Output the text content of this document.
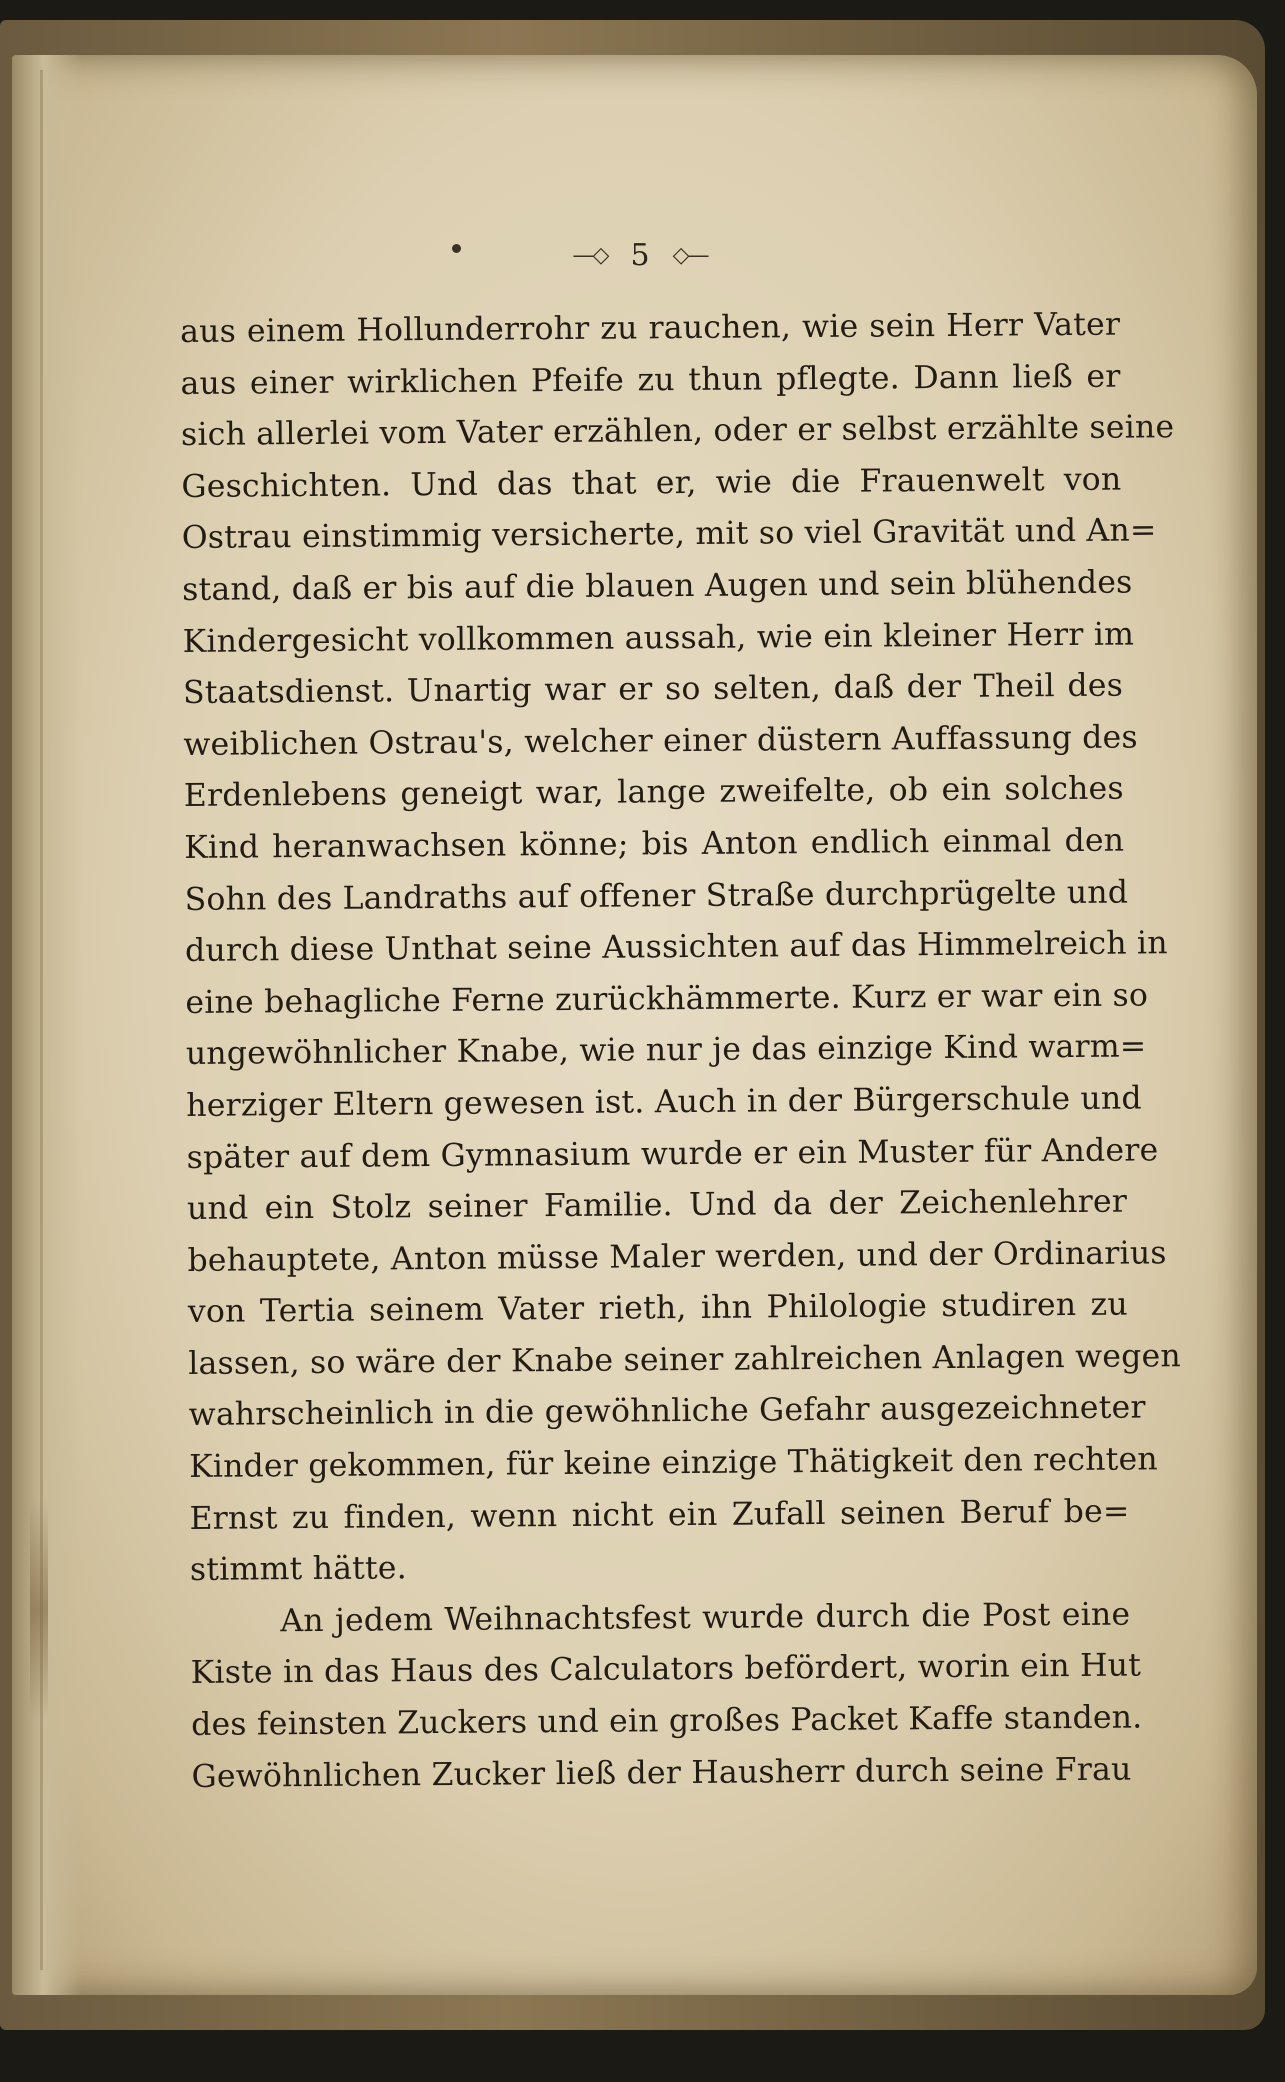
—◇ 5 ◇—
aus einem Hollunderrohr zu rauchen, wie sein Herr Vater
aus einer wirklichen Pfeife zu thun pflegte. Dann ließ er
sich allerlei vom Vater erzählen, oder er selbst erzählte seine
Geschichten. Und das that er, wie die Frauenwelt von
Ostrau einstimmig versicherte, mit so viel Gravität und An=
stand, daß er bis auf die blauen Augen und sein blühendes
Kindergesicht vollkommen aussah, wie ein kleiner Herr im
Staatsdienst. Unartig war er so selten, daß der Theil des
weiblichen Ostrau's, welcher einer düstern Auffassung des
Erdenlebens geneigt war, lange zweifelte, ob ein solches
Kind heranwachsen könne; bis Anton endlich einmal den
Sohn des Landraths auf offener Straße durchprügelte und
durch diese Unthat seine Aussichten auf das Himmelreich in
eine behagliche Ferne zurückhämmerte. Kurz er war ein so
ungewöhnlicher Knabe, wie nur je das einzige Kind warm=
herziger Eltern gewesen ist. Auch in der Bürgerschule und
später auf dem Gymnasium wurde er ein Muster für Andere
und ein Stolz seiner Familie. Und da der Zeichenlehrer
behauptete, Anton müsse Maler werden, und der Ordinarius
von Tertia seinem Vater rieth, ihn Philologie studiren zu
lassen, so wäre der Knabe seiner zahlreichen Anlagen wegen
wahrscheinlich in die gewöhnliche Gefahr ausgezeichneter
Kinder gekommen, für keine einzige Thätigkeit den rechten
Ernst zu finden, wenn nicht ein Zufall seinen Beruf be=
stimmt hätte.
An jedem Weihnachtsfest wurde durch die Post eine
Kiste in das Haus des Calculators befördert, worin ein Hut
des feinsten Zuckers und ein großes Packet Kaffe standen.
Gewöhnlichen Zucker ließ der Hausherr durch seine Frau
